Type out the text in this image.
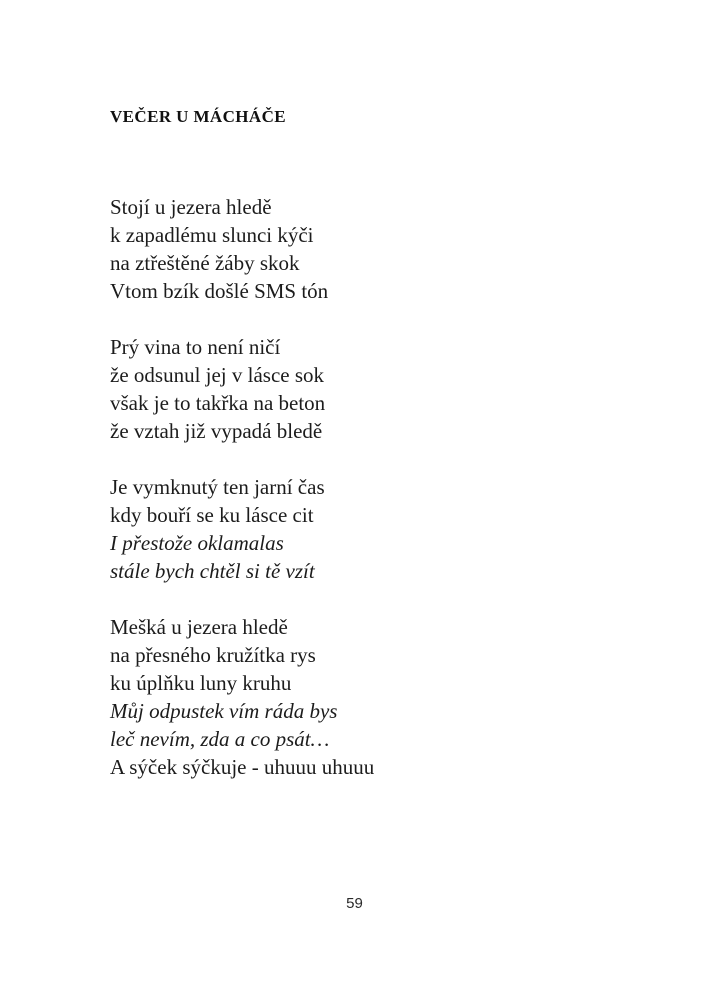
VEČER U MÁCHÁČE
Stojí u jezera hledě
k zapadlému slunci kýči
na ztřeštěné žáby skok
Vtom bzík došlé SMS tón
Prý vina to není ničí
že odsunul jej v lásce sok
však je to takřka na beton
že vztah již vypadá bledě
Je vymknutý ten jarní čas
kdy bouří se ku lásce cit
I přestože oklamalas
stále bych chtěl si tě vzít
Mešká u jezera hledě
na přesného kružítka rys
ku úplňku luny kruhu
Můj odpustek vím ráda bys
leč nevím, zda a co psát…
A sýček sýčkuje - uhuuu uhuuu
59
